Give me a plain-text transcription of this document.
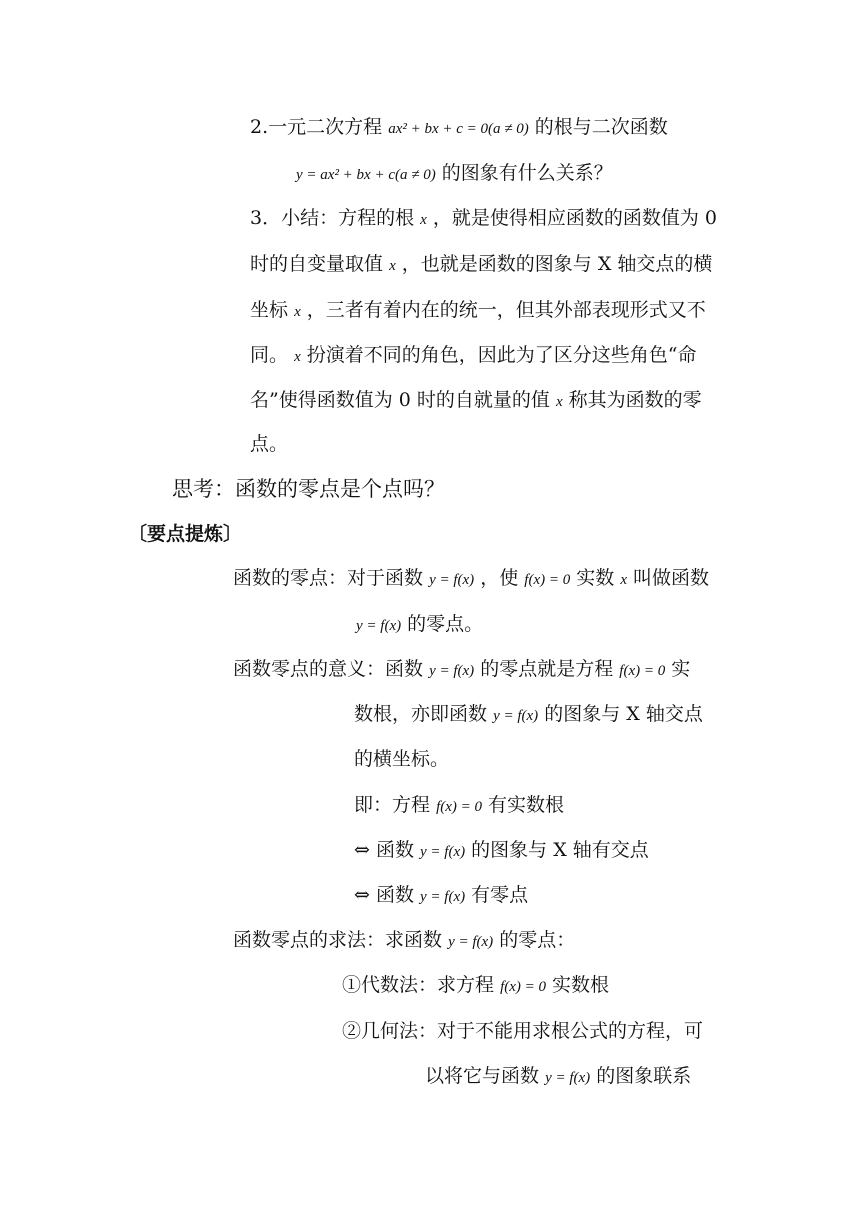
2.一元二次方程 ax² + bx + c = 0(a ≠ 0) 的根与二次函数
y = ax² + bx + c(a ≠ 0) 的图象有什么关系？
3．小结：方程的根 x ，就是使得相应函数的函数值为 0
时的自变量取值 x ，也就是函数的图象与 X 轴交点的横
坐标 x ，三者有着内在的统一，但其外部表现形式又不
同。 x 扮演着不同的角色，因此为了区分这些角色“命
名”使得函数值为 0 时的自就量的值 x 称其为函数的零
点。
思考：函数的零点是个点吗？
〔要点提炼〕
函数的零点：对于函数 y = f(x) ，使 f(x) = 0 实数 x 叫做函数
y = f(x) 的零点。
函数零点的意义：函数 y = f(x) 的零点就是方程 f(x) = 0 实
数根，亦即函数 y = f(x) 的图象与 X 轴交点
的横坐标。
即：方程 f(x) = 0 有实数根
⇔ 函数 y = f(x) 的图象与 X 轴有交点
⇔ 函数 y = f(x) 有零点
函数零点的求法：求函数 y = f(x) 的零点：
①代数法：求方程 f(x) = 0 实数根
②几何法：对于不能用求根公式的方程，可
以将它与函数 y = f(x) 的图象联系
